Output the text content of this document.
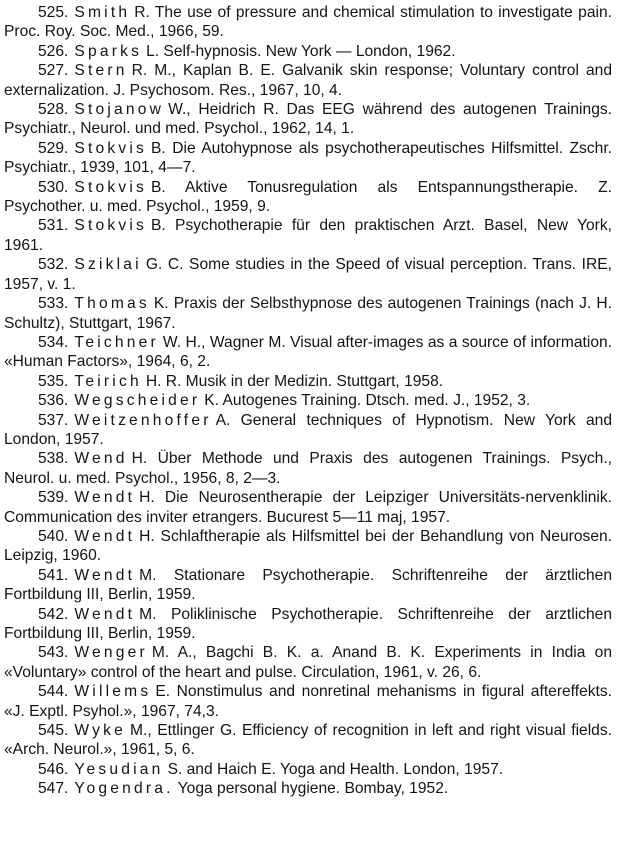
525. Smith R. The use of pressure and chemical stimulation to investigate pain. Proc. Roy. Soc. Med., 1966, 59.

526. Sparks L. Self-hypnosis. New York — London, 1962.

527. Stern R. M., Kaplan B. E. Galvanik skin response; Voluntary control and externalization. J. Psychosom. Res., 1967, 10, 4.

528. Stojanow W., Heidrich R. Das EEG während des autogenen Trainings. Psychiatr., Neurol. und med. Psychol., 1962, 14, 1.

529. Stokvis B. Die Autohypnose als psychotherapeutisches Hilfsmittel. Zschr. Psychiatr., 1939, 101, 4—7.

530. Stokvis B. Aktive Tonusregulation als Entspannungstherapie. Z. Psychother. u. med. Psychol., 1959, 9.

531. Stokvis B. Psychotherapie für den praktischen Arzt. Basel, New York, 1961.

532. Sziklai G. C. Some studies in the Speed of visual perception. Trans. IRE, 1957, v. 1.

533. Thomas K. Praxis der Selbsthypnose des autogenen Trainings (nach J. H. Schultz), Stuttgart, 1967.

534. Teichner W. H., Wagner M. Visual after-images as a source of information. «Human Factors», 1964, 6, 2.

535. Teirich H. R. Musik in der Medizin. Stuttgart, 1958.

536. Wegscheider K. Autogenes Training. Dtsch. med. J., 1952, 3.

537. Weitzenhoffer A. General techniques of Hypnotism. New York and London, 1957.

538. Wend H. Über Methode und Praxis des autogenen Trainings. Psych., Neurol. u. med. Psychol., 1956, 8, 2—3.

539. Wendt H. Die Neurosentherapie der Leipziger Universitäts-nervenklinik. Communication des inviter etrangers. Bucurest 5—11 maj, 1957.

540. Wendt H. Schlaftherapie als Hilfsmittel bei der Behandlung von Neurosen. Leipzig, 1960.

541. Wendt M. Stationare Psychotherapie. Schriftenreihe der ärztlichen Fortbildung III, Berlin, 1959.

542. Wendt M. Poliklinische Psychotherapie. Schriftenreihe der arztlichen Fortbildung III, Berlin, 1959.

543. Wenger M. A., Bagchi B. K. a. Anand B. K. Experiments in India on «Voluntary» control of the heart and pulse. Circulation, 1961, v. 26, 6.

544. Willems E. Nonstimulus and nonretinal mehanisms in figural aftereffekts. «J. Exptl. Psyhol.», 1967, 74,3.

545. Wyke M., Ettlinger G. Efficiency of recognition in left and right visual fields. «Arch. Neurol.», 1961, 5, 6.

546. Yesudian S. and Haich E. Yoga and Health. London, 1957.

547. Yogendra. Yoga personal hygiene. Bombay, 1952.
